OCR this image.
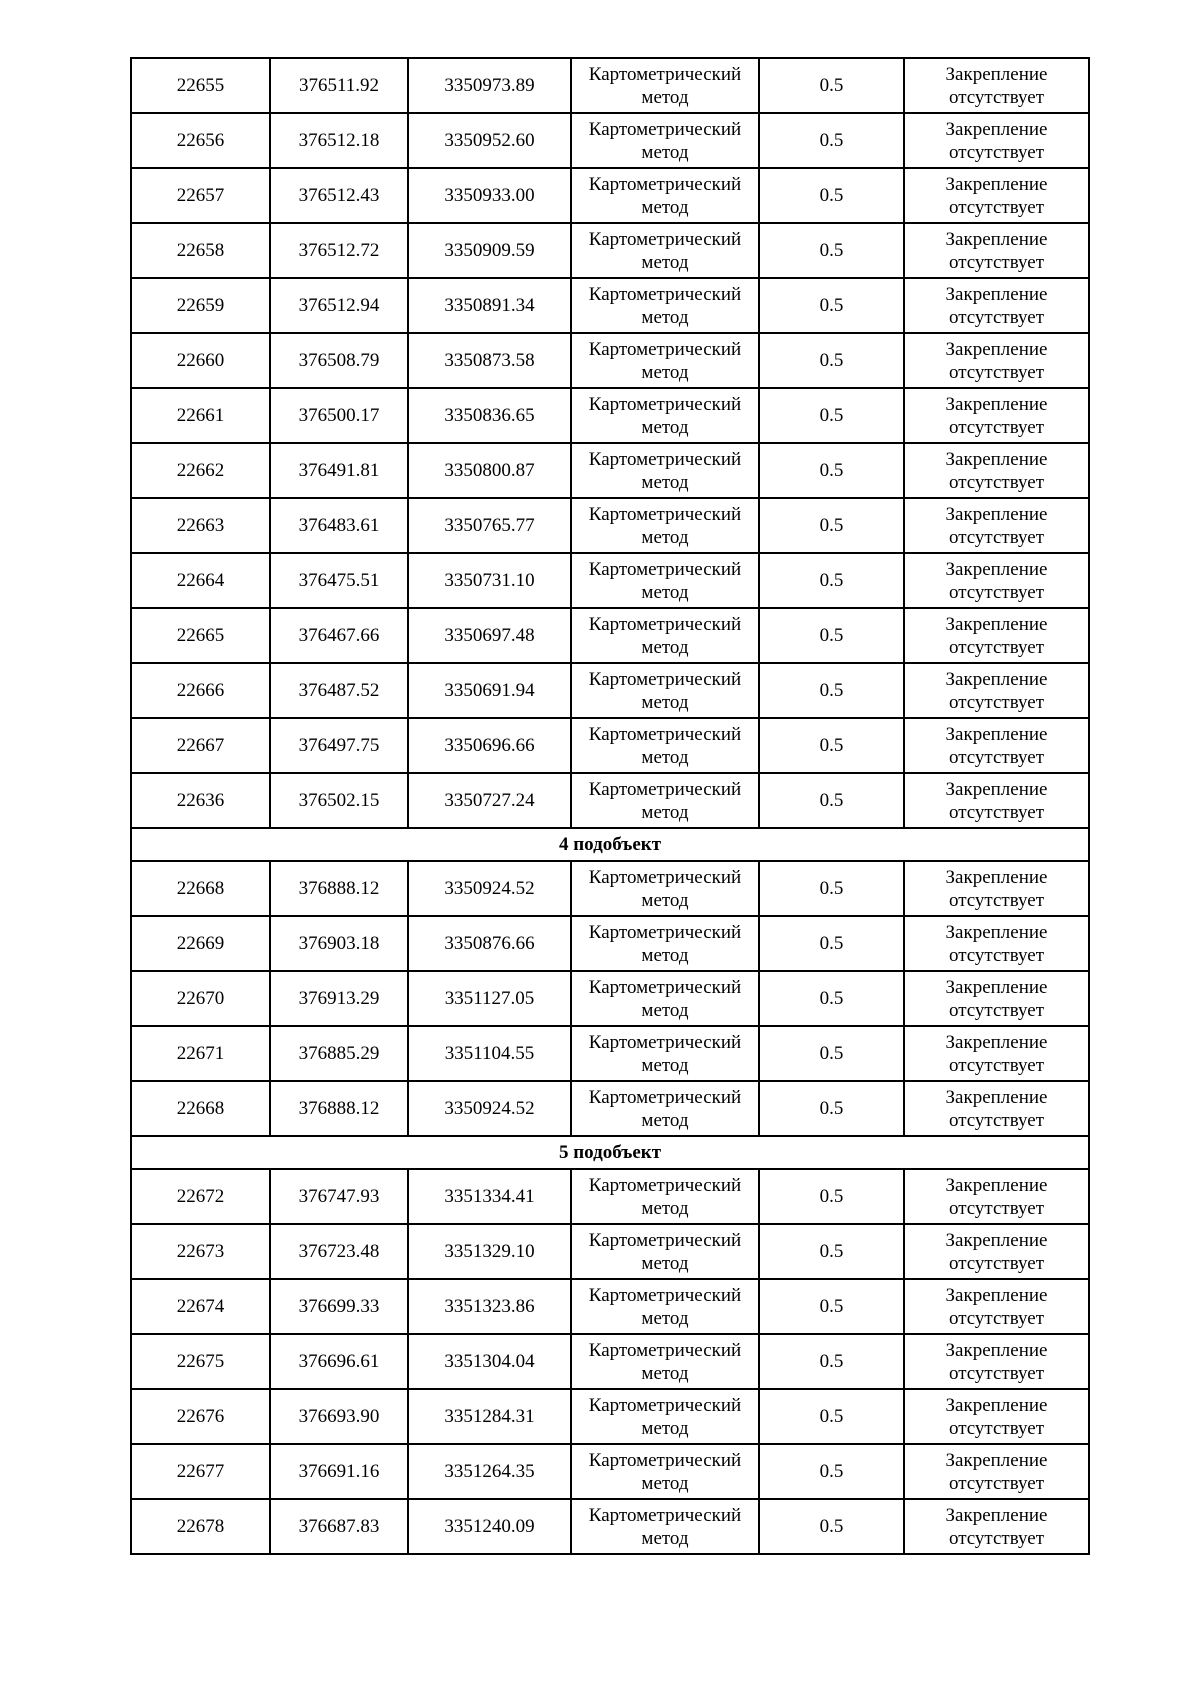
22655	376511.92	3350973.89	Картометрический
метод	0.5	Закрепление
отсутствует

22656	376512.18	3350952.60	Картометрический
метод	0.5	Закрепление
отсутствует

22657	376512.43	3350933.00	Картометрический
метод	0.5	Закрепление
отсутствует

22658	376512.72	3350909.59	Картометрический
метод	0.5	Закрепление
отсутствует

22659	376512.94	3350891.34	Картометрический
метод	0.5	Закрепление
отсутствует

22660	376508.79	3350873.58	Картометрический
метод	0.5	Закрепление
отсутствует

22661	376500.17	3350836.65	Картометрический
метод	0.5	Закрепление
отсутствует

22662	376491.81	3350800.87	Картометрический
метод	0.5	Закрепление
отсутствует

22663	376483.61	3350765.77	Картометрический
метод	0.5	Закрепление
отсутствует

22664	376475.51	3350731.10	Картометрический
метод	0.5	Закрепление
отсутствует

22665	376467.66	3350697.48	Картометрический
метод	0.5	Закрепление
отсутствует

22666	376487.52	3350691.94	Картометрический
метод	0.5	Закрепление
отсутствует

22667	376497.75	3350696.66	Картометрический
метод	0.5	Закрепление
отсутствует

22636	376502.15	3350727.24	Картометрический
метод	0.5	Закрепление
отсутствует

4 подобъект					
22668	376888.12	3350924.52	Картометрический
метод	0.5	Закрепление
отсутствует

22669	376903.18	3350876.66	Картометрический
метод	0.5	Закрепление
отсутствует

22670	376913.29	3351127.05	Картометрический
метод	0.5	Закрепление
отсутствует

22671	376885.29	3351104.55	Картометрический
метод	0.5	Закрепление
отсутствует

22668	376888.12	3350924.52	Картометрический
метод	0.5	Закрепление
отсутствует

5 подобъект					
22672	376747.93	3351334.41	Картометрический
метод	0.5	Закрепление
отсутствует

22673	376723.48	3351329.10	Картометрический
метод	0.5	Закрепление
отсутствует

22674	376699.33	3351323.86	Картометрический
метод	0.5	Закрепление
отсутствует

22675	376696.61	3351304.04	Картометрический
метод	0.5	Закрепление
отсутствует

22676	376693.90	3351284.31	Картометрический
метод	0.5	Закрепление
отсутствует

22677	376691.16	3351264.35	Картометрический
метод	0.5	Закрепление
отсутствует

22678	376687.83	3351240.09	Картометрический
метод	0.5	Закрепление
отсутствует
